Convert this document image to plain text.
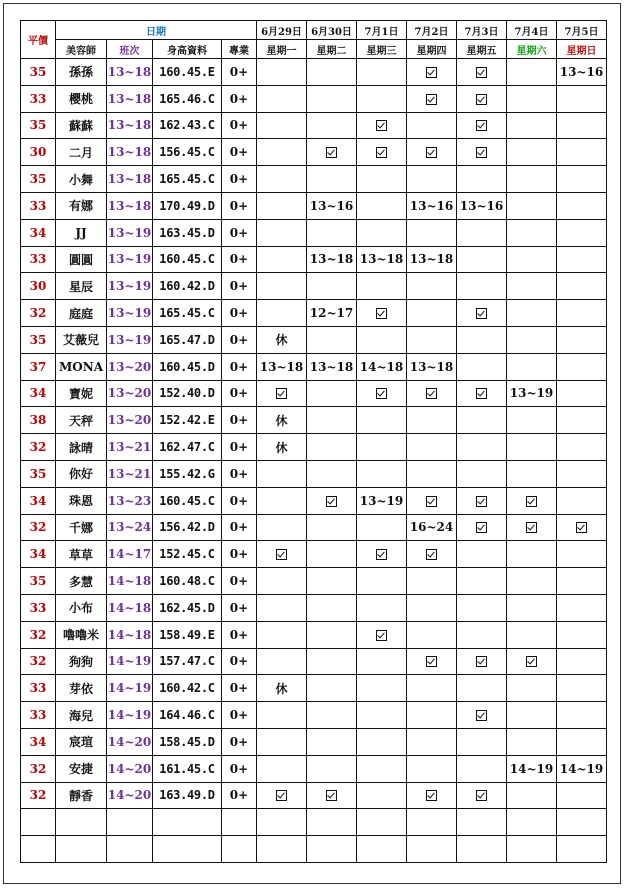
平價	日期				6月29日	6月30日	7月1日	7月2日	7月3日	7月4日	7月5日
	美容師	班次	身高資料	專業	星期一	星期二	星期三	星期四	星期五	星期六	星期日
35	孫孫	13~18	160.45.E	0+							13~16
33	櫻桃	13~18	165.46.C	0+							
35	蘇蘇	13~18	162.43.C	0+							
30	二月	13~18	156.45.C	0+							
35	小舞	13~18	165.45.C	0+							
33	有娜	13~18	170.49.D	0+		13~16		13~16	13~16		
34	JJ	13~19	163.45.D	0+							
33	圓圓	13~19	160.45.C	0+		13~18	13~18	13~18			
30	星辰	13~19	160.42.D	0+							
32	庭庭	13~19	165.45.C	0+		12~17					
35	艾薇兒	13~19	165.47.D	0+	休						
37	MONA	13~20	160.45.D	0+	13~18	13~18	14~18	13~18			
34	寶妮	13~20	152.40.D	0+						13~19	
38	天秤	13~20	152.42.E	0+	休						
32	詠晴	13~21	162.47.C	0+	休						
35	你好	13~21	155.42.G	0+							
34	珠恩	13~23	160.45.C	0+			13~19				
32	千娜	13~24	156.42.D	0+				16~24			
34	草草	14~17	152.45.C	0+							
35	多慧	14~18	160.48.C	0+							
33	小布	14~18	162.45.D	0+							
32	嚕嚕米	14~18	158.49.E	0+							
32	狗狗	14~19	157.47.C	0+							
33	芽依	14~19	160.42.C	0+	休						
33	海兒	14~19	164.46.C	0+							
34	宸瑄	14~20	158.45.D	0+							
32	安捷	14~20	161.45.C	0+						14~19	14~19
32	靜香	14~20	163.49.D	0+							
